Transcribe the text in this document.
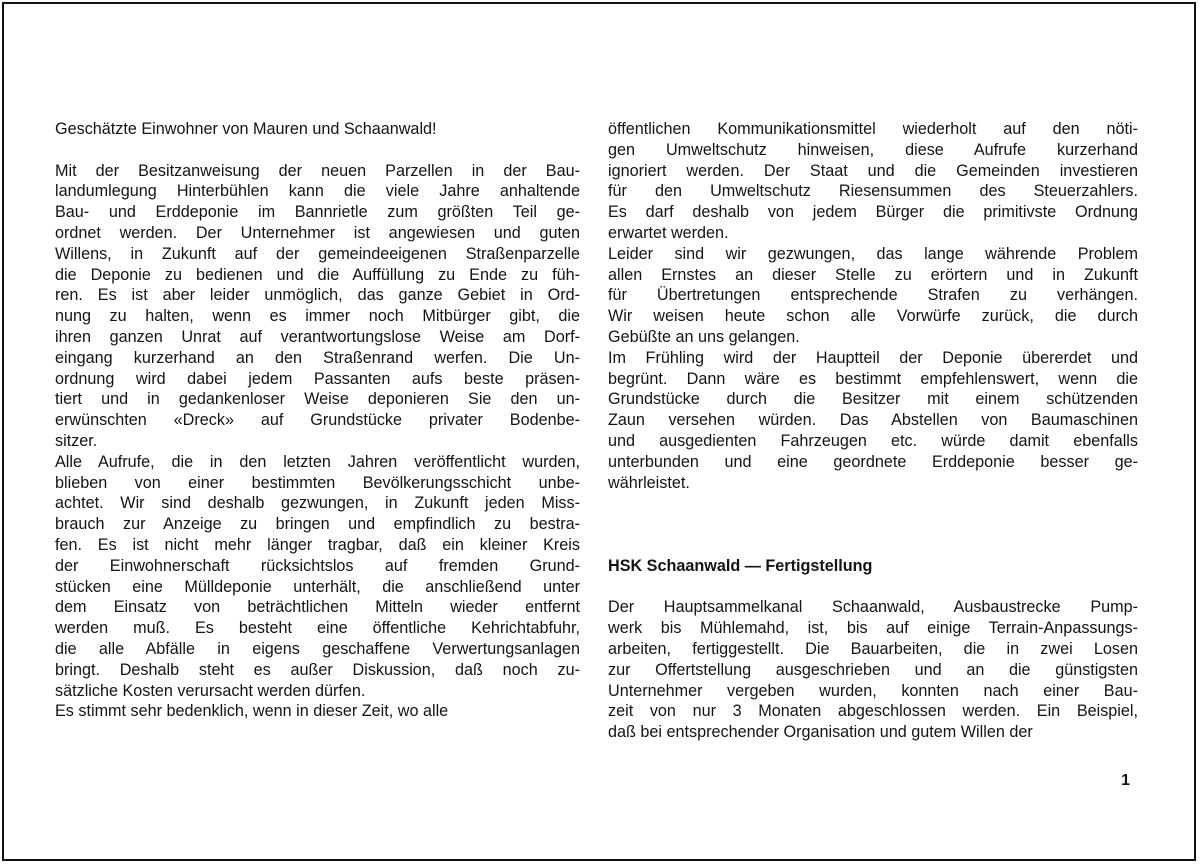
Geschätzte Einwohner von Mauren und Schaanwald!
Mit der Besitzanweisung der neuen Parzellen in der Bau-
landumlegung Hinterbühlen kann die viele Jahre anhaltende
Bau- und Erddeponie im Bannrietle zum größten Teil ge-
ordnet werden. Der Unternehmer ist angewiesen und guten
Willens, in Zukunft auf der gemeindeeigenen Straßenparzelle
die Deponie zu bedienen und die Auffüllung zu Ende zu füh-
ren. Es ist aber leider unmöglich, das ganze Gebiet in Ord-
nung zu halten, wenn es immer noch Mitbürger gibt, die
ihren ganzen Unrat auf verantwortungslose Weise am Dorf-
eingang kurzerhand an den Straßenrand werfen. Die Un-
ordnung wird dabei jedem Passanten aufs beste präsen-
tiert und in gedankenloser Weise deponieren Sie den un-
erwünschten «Dreck» auf Grundstücke privater Bodenbe-
sitzer.
Alle Aufrufe, die in den letzten Jahren veröffentlicht wurden,
blieben von einer bestimmten Bevölkerungsschicht unbe-
achtet. Wir sind deshalb gezwungen, in Zukunft jeden Miss-
brauch zur Anzeige zu bringen und empfindlich zu bestra-
fen. Es ist nicht mehr länger tragbar, daß ein kleiner Kreis
der Einwohnerschaft rücksichtslos auf fremden Grund-
stücken eine Mülldeponie unterhält, die anschließend unter
dem Einsatz von beträchtlichen Mitteln wieder entfernt
werden muß. Es besteht eine öffentliche Kehrichtabfuhr,
die alle Abfälle in eigens geschaffene Verwertungsanlagen
bringt. Deshalb steht es außer Diskussion, daß noch zu-
sätzliche Kosten verursacht werden dürfen.
Es stimmt sehr bedenklich, wenn in dieser Zeit, wo alle
öffentlichen Kommunikationsmittel wiederholt auf den nöti-
gen Umweltschutz hinweisen, diese Aufrufe kurzerhand
ignoriert werden. Der Staat und die Gemeinden investieren
für den Umweltschutz Riesensummen des Steuerzahlers.
Es darf deshalb von jedem Bürger die primitivste Ordnung
erwartet werden.
Leider sind wir gezwungen, das lange währende Problem
allen Ernstes an dieser Stelle zu erörtern und in Zukunft
für Übertretungen entsprechende Strafen zu verhängen.
Wir weisen heute schon alle Vorwürfe zurück, die durch
Gebüßte an uns gelangen.
Im Frühling wird der Hauptteil der Deponie übererdet und
begrünt. Dann wäre es bestimmt empfehlenswert, wenn die
Grundstücke durch die Besitzer mit einem schützenden
Zaun versehen würden. Das Abstellen von Baumaschinen
und ausgedienten Fahrzeugen etc. würde damit ebenfalls
unterbunden und eine geordnete Erddeponie besser ge-
währleistet.
HSK Schaanwald — Fertigstellung
Der Hauptsammelkanal Schaanwald, Ausbaustrecke Pump-
werk bis Mühlemahd, ist, bis auf einige Terrain-Anpassungs-
arbeiten, fertiggestellt. Die Bauarbeiten, die in zwei Losen
zur Offertstellung ausgeschrieben und an die günstigsten
Unternehmer vergeben wurden, konnten nach einer Bau-
zeit von nur 3 Monaten abgeschlossen werden. Ein Beispiel,
daß bei entsprechender Organisation und gutem Willen der
1
